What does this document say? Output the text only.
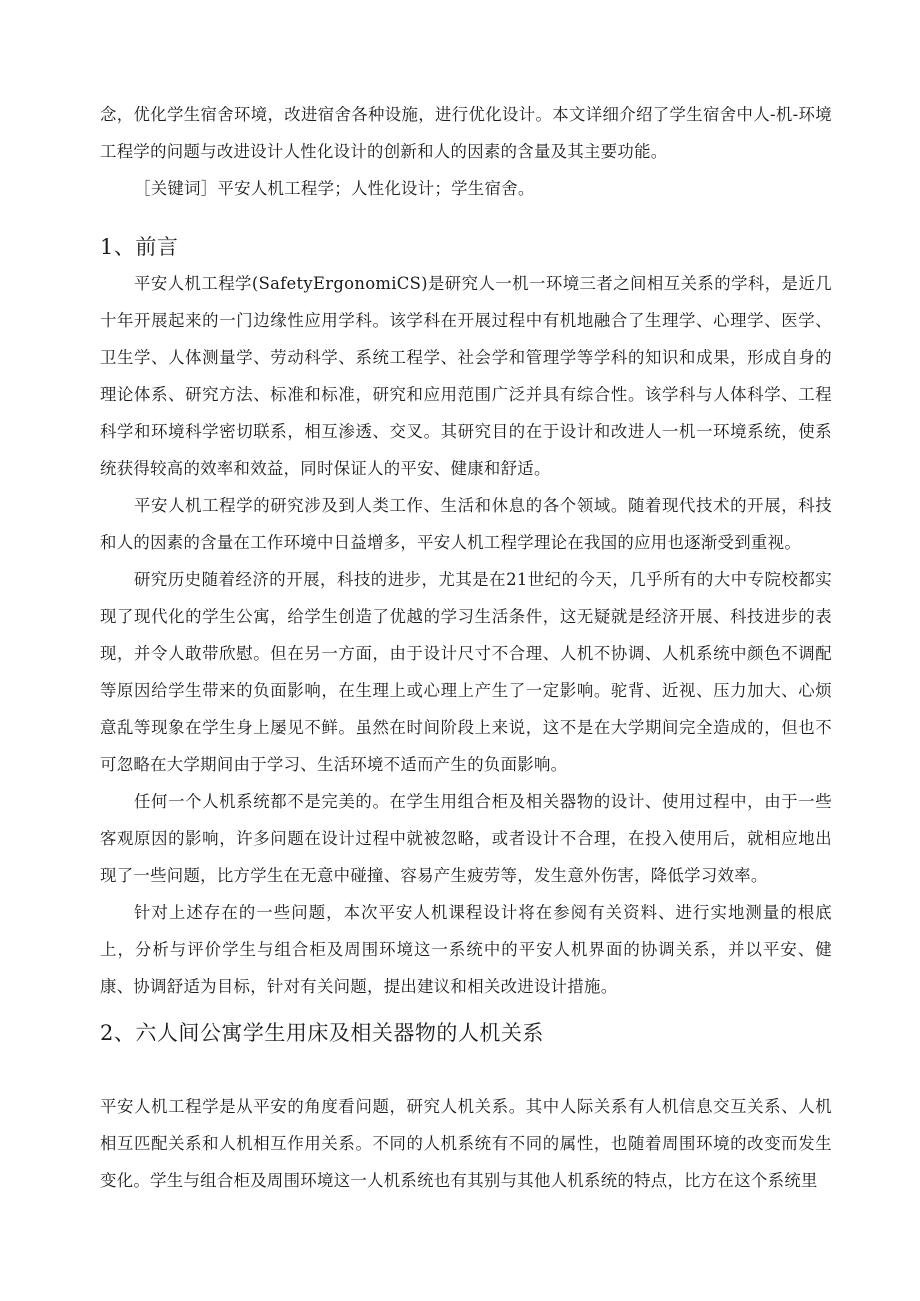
念，优化学生宿舍环境，改进宿舍各种设施，进行优化设计。本文详细介绍了学生宿舍中人-机-环境工程学的问题与改进设计人性化设计的创新和人的因素的含量及其主要功能。

［关键词］平安人机工程学；人性化设计；学生宿舍。

1、前言

平安人机工程学(SafetyErgonomiCS)是研究人一机一环境三者之间相互关系的学科，是近几十年开展起来的一门边缘性应用学科。该学科在开展过程中有机地融合了生理学、心理学、医学、卫生学、人体测量学、劳动科学、系统工程学、社会学和管理学等学科的知识和成果，形成自身的理论体系、研究方法、标准和标准，研究和应用范围广泛并具有综合性。该学科与人体科学、工程科学和环境科学密切联系，相互渗透、交叉。其研究目的在于设计和改进人一机一环境系统，使系统获得较高的效率和效益，同时保证人的平安、健康和舒适。

平安人机工程学的研究涉及到人类工作、生活和休息的各个领域。随着现代技术的开展，科技和人的因素的含量在工作环境中日益增多，平安人机工程学理论在我国的应用也逐渐受到重视。

研究历史随着经济的开展，科技的进步，尤其是在21世纪的今天，几乎所有的大中专院校都实现了现代化的学生公寓，给学生创造了优越的学习生活条件，这无疑就是经济开展、科技进步的表现，并令人敢带欣慰。但在另一方面，由于设计尺寸不合理、人机不协调、人机系统中颜色不调配等原因给学生带来的负面影响，在生理上或心理上产生了一定影响。驼背、近视、压力加大、心烦意乱等现象在学生身上屡见不鲜。虽然在时间阶段上来说，这不是在大学期间完全造成的，但也不可忽略在大学期间由于学习、生活环境不适而产生的负面影响。

任何一个人机系统都不是完美的。在学生用组合柜及相关器物的设计、使用过程中，由于一些客观原因的影响，许多问题在设计过程中就被忽略，或者设计不合理，在投入使用后，就相应地出现了一些问题，比方学生在无意中碰撞、容易产生疲劳等，发生意外伤害，降低学习效率。

针对上述存在的一些问题，本次平安人机课程设计将在参阅有关资料、进行实地测量的根底上，分析与评价学生与组合柜及周围环境这一系统中的平安人机界面的协调关系，并以平安、健康、协调舒适为目标，针对有关问题，提出建议和相关改进设计措施。

2、六人间公寓学生用床及相关器物的人机关系

平安人机工程学是从平安的角度看问题，研究人机关系。其中人际关系有人机信息交互关系、人机相互匹配关系和人机相互作用关系。不同的人机系统有不同的属性，也随着周围环境的改变而发生变化。学生与组合柜及周围环境这一人机系统也有其别与其他人机系统的特点，比方在这个系统里
